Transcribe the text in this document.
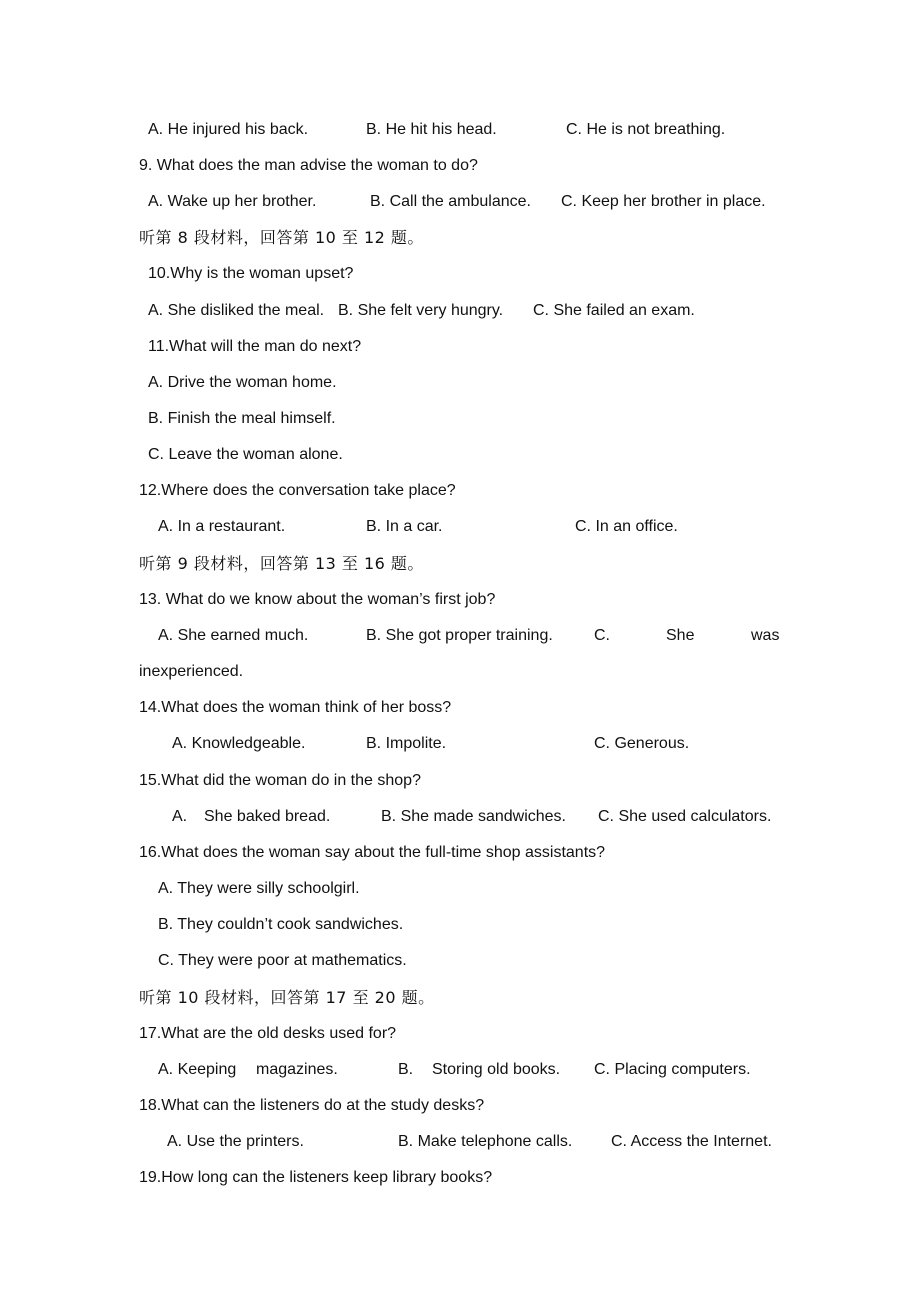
A. He injured his back.	B. He hit his head.	C. He is not breathing.
9. What does the man advise the woman to do?
A. Wake up her brother.	B. Call the ambulance. C. Keep her brother in place.
听第 8 段材料，回答第 10 至 12 题。
10.Why is the woman upset?
A. She disliked the meal. B. She felt very hungry. C. She failed an exam.
11.What will the man do next?
A. Drive the woman home.
B. Finish the meal himself.
C. Leave the woman alone.
12.Where does the conversation take place?
A. In a restaurant.	B. In a car.	C. In an office.
听第 9 段材料，回答第 13 至 16 题。
13. What do we know about the woman’s first job?
A. She earned much.	B. She got proper training.	C.	She	was
inexperienced.
14.What does the woman think of her boss?
A. Knowledgeable.	B. Impolite.	C. Generous.
15.What did the woman do in the shop?
A. She baked bread.	B. She made sandwiches. C. She used calculators.
16.What does the woman say about the full-time shop assistants?
A. They were silly schoolgirl.
B. They couldn’t cook sandwiches.
C. They were poor at mathematics.
听第 10 段材料，回答第 17 至 20 题。
17.What are the old desks used for?
A. Keeping magazines.	B. Storing old books. C. Placing computers.
18.What can the listeners do at the study desks?
A. Use the printers.	B. Make telephone calls. C. Access the Internet.
19.How long can the listeners keep library books?
